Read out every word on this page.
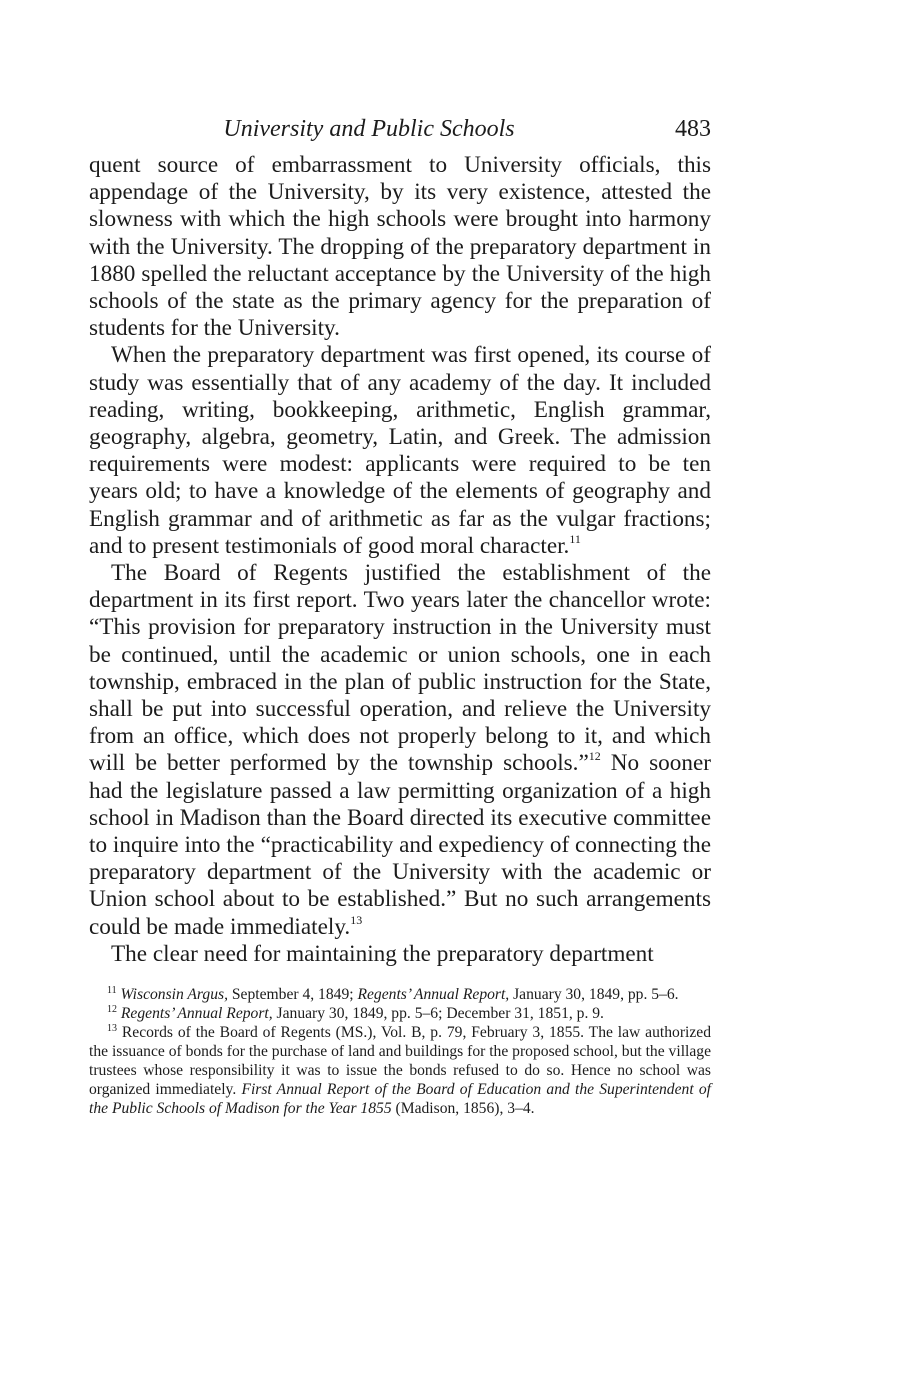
University and Public Schools	483

quent source of embarrassment to University officials, this appendage of the University, by its very existence, attested the slowness with which the high schools were brought into harmony with the University. The dropping of the preparatory department in 1880 spelled the reluctant acceptance by the University of the high schools of the state as the primary agency for the preparation of students for the University.

When the preparatory department was first opened, its course of study was essentially that of any academy of the day. It included reading, writing, bookkeeping, arithmetic, English grammar, geography, algebra, geometry, Latin, and Greek. The admission requirements were modest: applicants were required to be ten years old; to have a knowledge of the elements of geography and English grammar and of arithmetic as far as the vulgar fractions; and to present testimonials of good moral character.$^{11}$

The Board of Regents justified the establishment of the department in its first report. Two years later the chancellor wrote: “This provision for preparatory instruction in the University must be continued, until the academic or union schools, one in each township, embraced in the plan of public instruction for the State, shall be put into successful operation, and relieve the University from an office, which does not properly belong to it, and which will be better performed by the township schools.”$^{12}$ No sooner had the legislature passed a law permitting organization of a high school in Madison than the Board directed its executive committee to inquire into the “practicability and expediency of connecting the preparatory department of the University with the academic or Union school about to be established.” But no such arrangements could be made immediately.$^{13}$

The clear need for maintaining the preparatory department

$^{11}$ Wisconsin Argus, September 4, 1849; Regents’ Annual Report, January 30, 1849, pp. 5–6.

$^{12}$ Regents’ Annual Report, January 30, 1849, pp. 5–6; December 31, 1851, p. 9.

$^{13}$ Records of the Board of Regents (MS.), Vol. B, p. 79, February 3, 1855. The law authorized the issuance of bonds for the purchase of land and buildings for the proposed school, but the village trustees whose responsibility it was to issue the bonds refused to do so. Hence no school was organized immediately. First Annual Report of the Board of Education and the Superintendent of the Public Schools of Madison for the Year 1855 (Madison, 1856), 3–4.
